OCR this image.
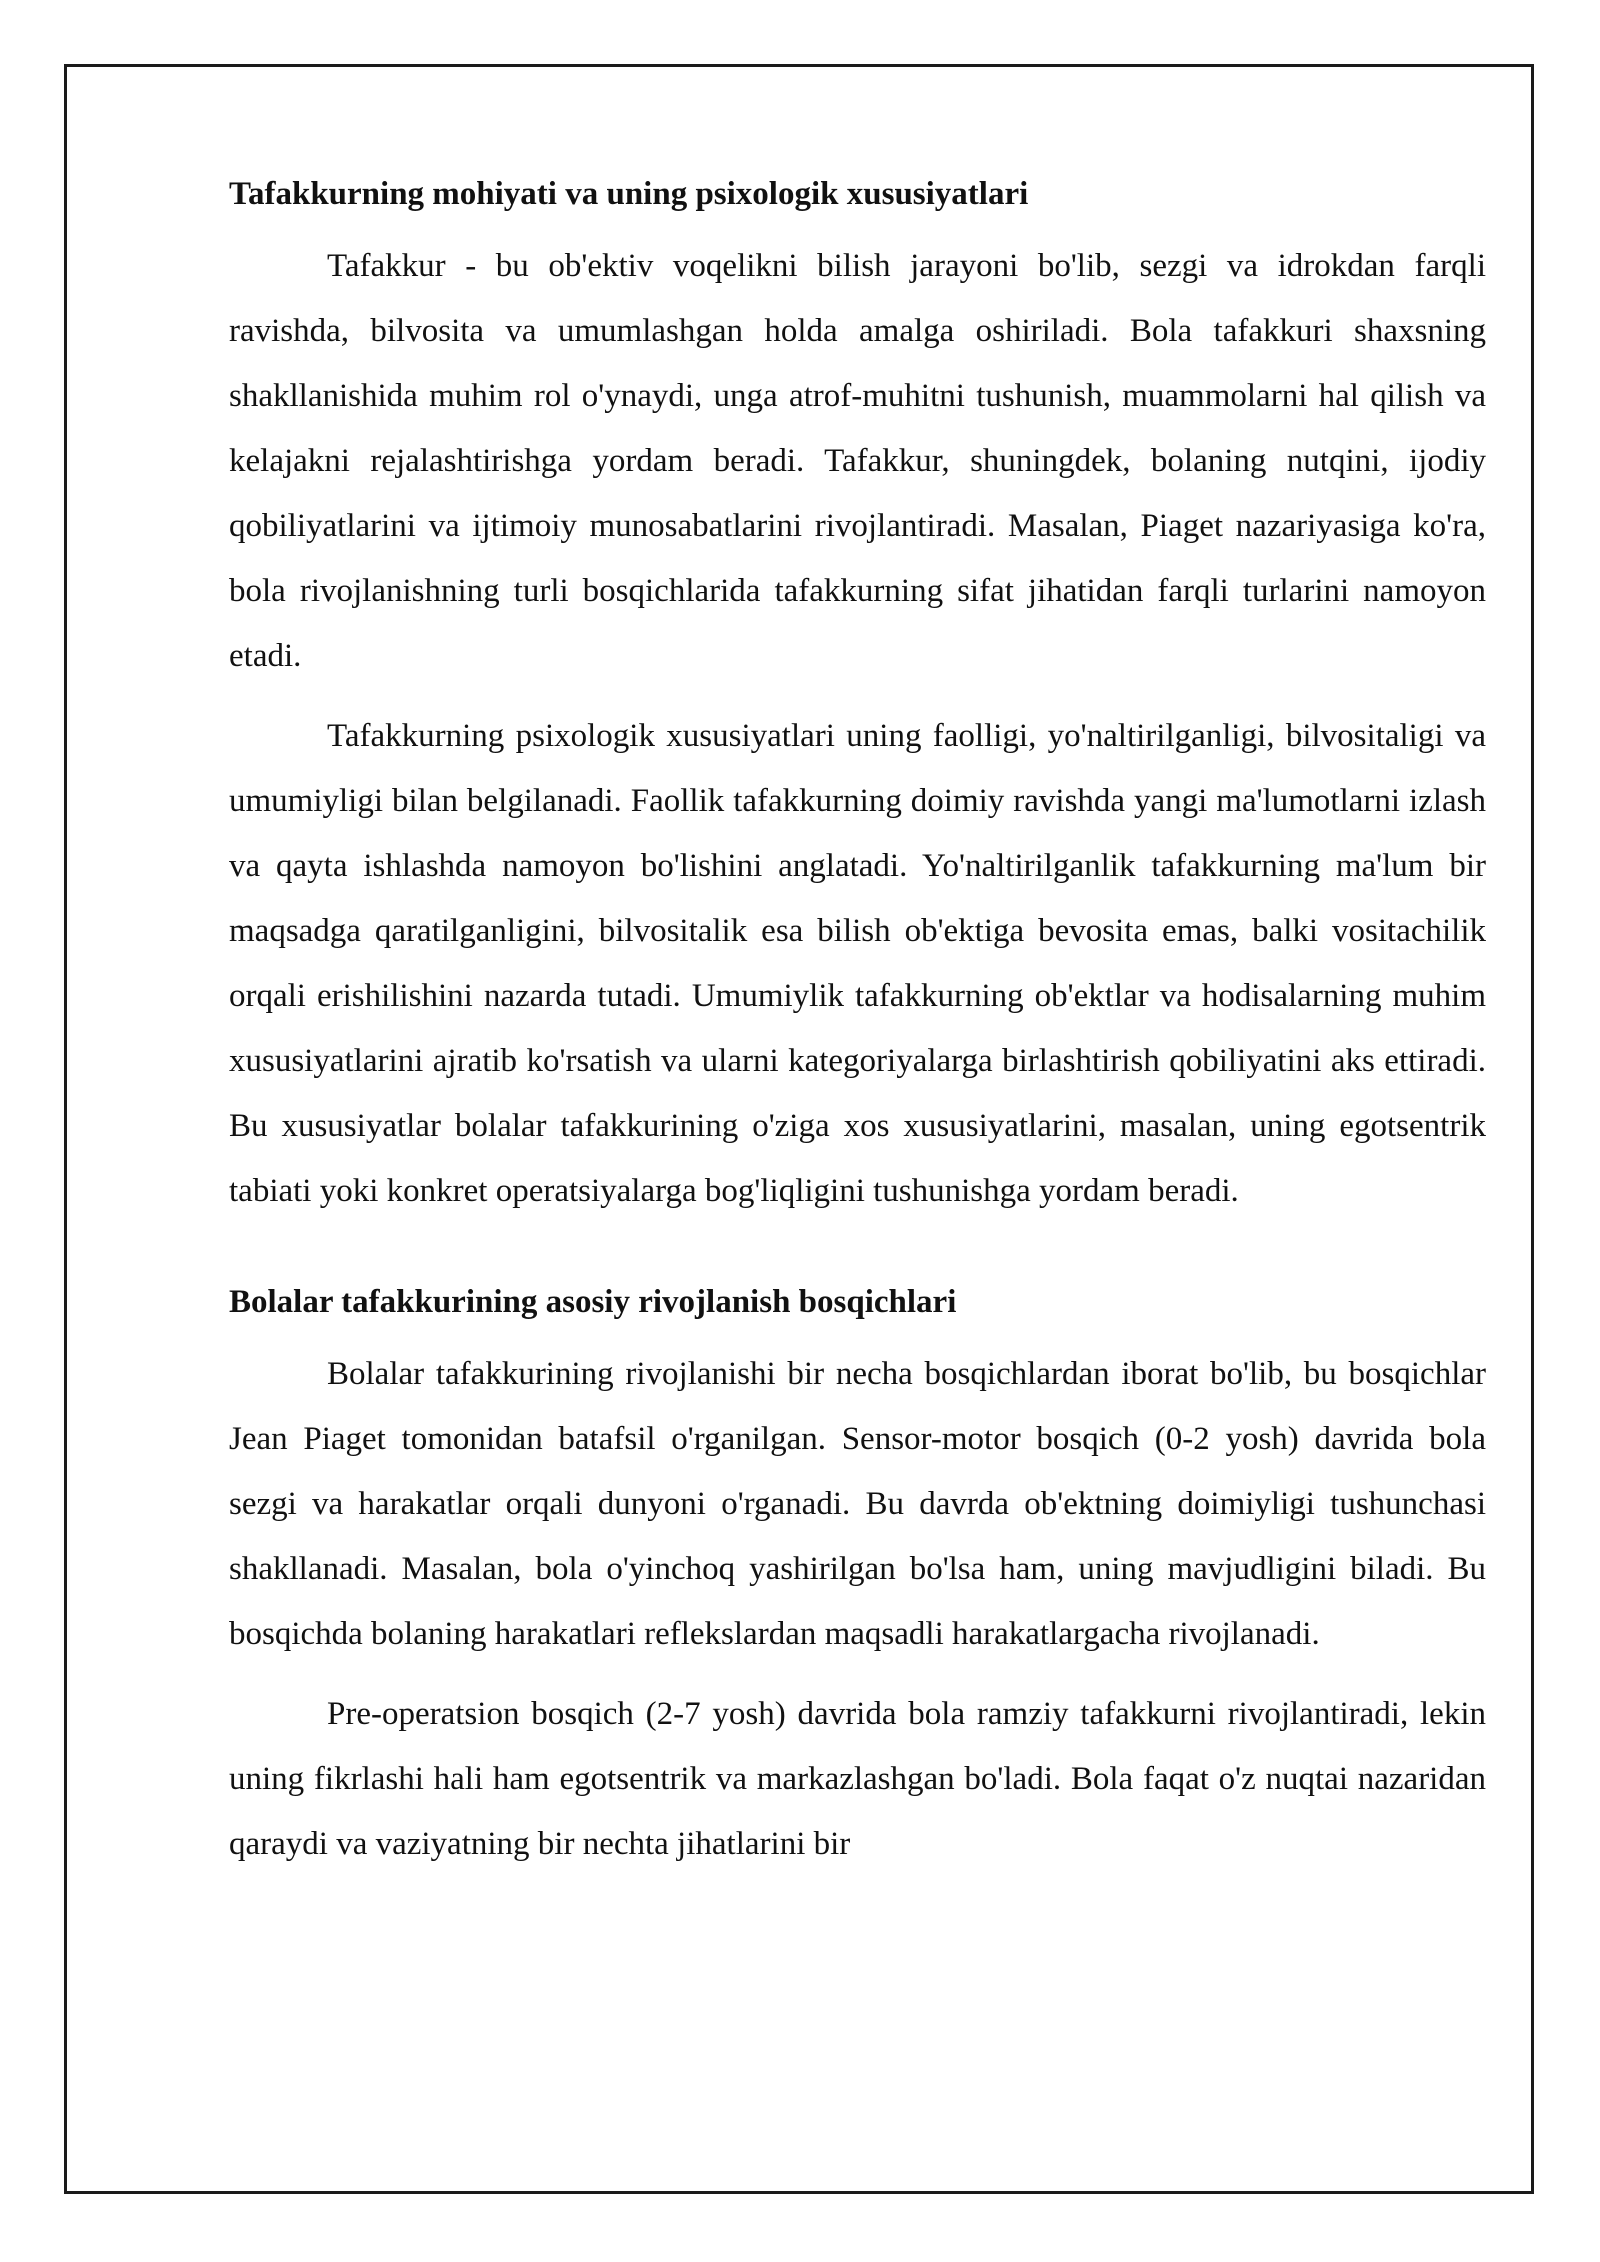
Tafakkurning mohiyati va uning psixologik xususiyatlari

Tafakkur - bu ob'ektiv voqelikni bilish jarayoni bo'lib, sezgi va idrokdan farqli ravishda, bilvosita va umumlashgan holda amalga oshiriladi. Bola tafakkuri shaxsning shakllanishida muhim rol o'ynaydi, unga atrof-muhitni tushunish, muammolarni hal qilish va kelajakni rejalashtirishga yordam beradi. Tafakkur, shuningdek, bolaning nutqini, ijodiy qobiliyatlarini va ijtimoiy munosabatlarini rivojlantiradi. Masalan, Piaget nazariyasiga ko'ra, bola rivojlanishning turli bosqichlarida tafakkurning sifat jihatidan farqli turlarini namoyon etadi.

Tafakkurning psixologik xususiyatlari uning faolligi, yo'naltirilganligi, bilvositaligi va umumiyligi bilan belgilanadi. Faollik tafakkurning doimiy ravishda yangi ma'lumotlarni izlash va qayta ishlashda namoyon bo'lishini anglatadi. Yo'naltirilganlik tafakkurning ma'lum bir maqsadga qaratilganligini, bilvositalik esa bilish ob'ektiga bevosita emas, balki vositachilik orqali erishilishini nazarda tutadi. Umumiylik tafakkurning ob'ektlar va hodisalarning muhim xususiyatlarini ajratib ko'rsatish va ularni kategoriyalarga birlashtirish qobiliyatini aks ettiradi. Bu xususiyatlar bolalar tafakkurining o'ziga xos xususiyatlarini, masalan, uning egotsentrik tabiati yoki konkret operatsiyalarga bog'liqligini tushunishga yordam beradi.

Bolalar tafakkurining asosiy rivojlanish bosqichlari

Bolalar tafakkurining rivojlanishi bir necha bosqichlardan iborat bo'lib, bu bosqichlar Jean Piaget tomonidan batafsil o'rganilgan. Sensor-motor bosqich (0-2 yosh) davrida bola sezgi va harakatlar orqali dunyoni o'rganadi. Bu davrda ob'ektning doimiyligi tushunchasi shakllanadi. Masalan, bola o'yinchoq yashirilgan bo'lsa ham, uning mavjudligini biladi. Bu bosqichda bolaning harakatlari reflekslardan maqsadli harakatlargacha rivojlanadi.

Pre-operatsion bosqich (2-7 yosh) davrida bola ramziy tafakkurni rivojlantiradi, lekin uning fikrlashi hali ham egotsentrik va markazlashgan bo'ladi. Bola faqat o'z nuqtai nazaridan qaraydi va vaziyatning bir nechta jihatlarini bir
